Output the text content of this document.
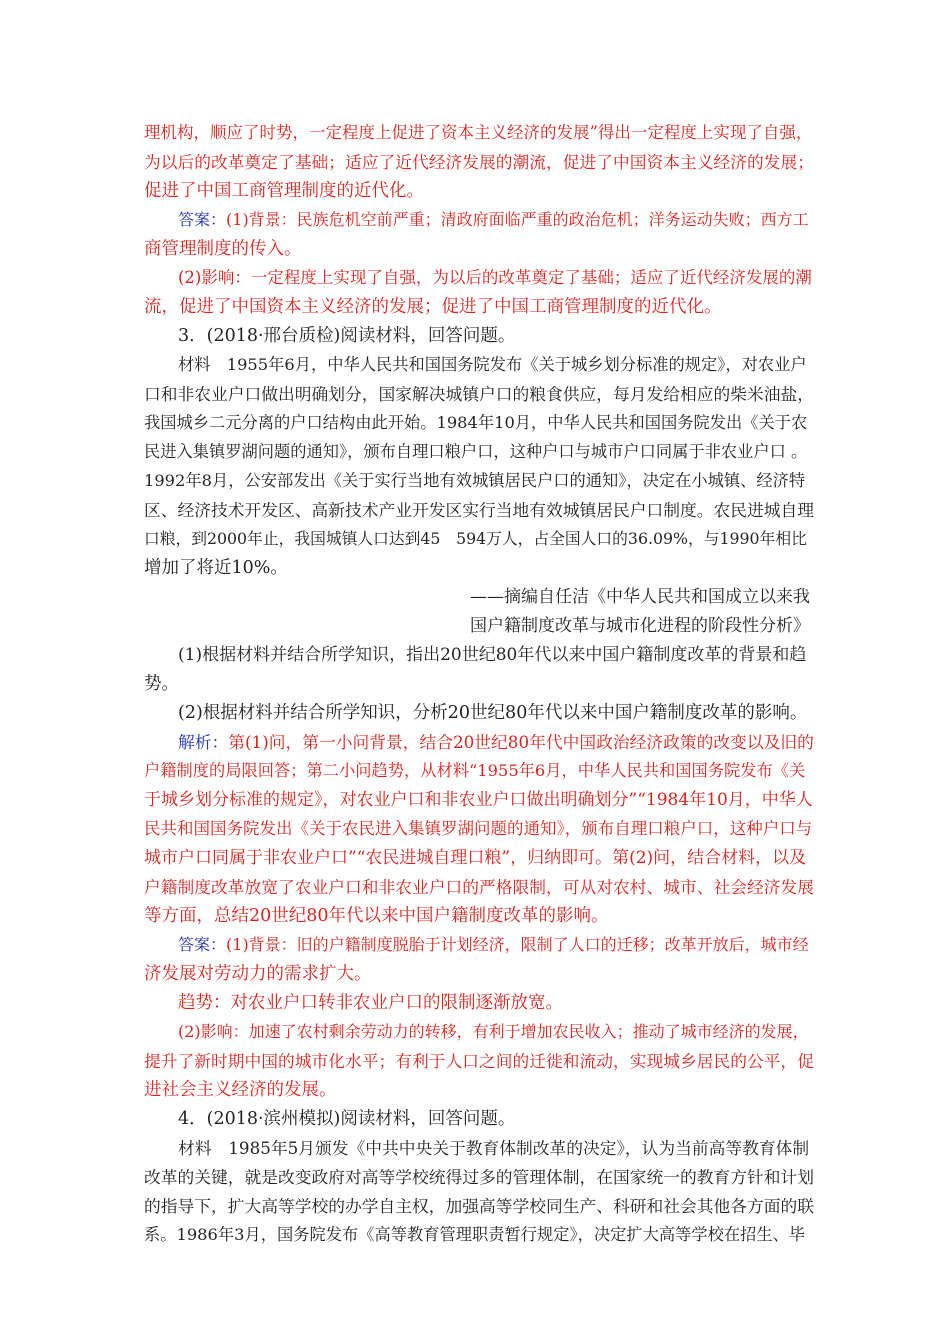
理机构，顺应了时势，一定程度上促进了资本主义经济的发展”得出一定程度上实现了自强，
为以后的改革奠定了基础；适应了近代经济发展的潮流，促进了中国资本主义经济的发展；
促进了中国工商管理制度的近代化。
答案：(1)背景：民族危机空前严重；清政府面临严重的政治危机；洋务运动失败；西方工
商管理制度的传入。
(2)影响：一定程度上实现了自强，为以后的改革奠定了基础；适应了近代经济发展的潮
流，促进了中国资本主义经济的发展；促进了中国工商管理制度的近代化。
3．(2018·邢台质检)阅读材料，回答问题。
材料　1955年6月，中华人民共和国国务院发布《关于城乡划分标准的规定》，对农业户
口和非农业户口做出明确划分，国家解决城镇户口的粮食供应，每月发给相应的柴米油盐，
我国城乡二元分离的户口结构由此开始。1984年10月，中华人民共和国国务院发出《关于农
民进入集镇罗湖问题的通知》，颁布自理口粮户口，这种户口与城市户口同属于非农业户口 。
1992年8月，公安部发出《关于实行当地有效城镇居民户口的通知》，决定在小城镇、经济特
区、经济技术开发区、高新技术产业开发区实行当地有效城镇居民户口制度。农民进城自理
口粮，到2000年止，我国城镇人口达到45　594万人，占全国人口的36.09%，与1990年相比
增加了将近10%。
——摘编自任洁《中华人民共和国成立以来我
国户籍制度改革与城市化进程的阶段性分析》
(1)根据材料并结合所学知识，指出20世纪80年代以来中国户籍制度改革的背景和趋
势。
(2)根据材料并结合所学知识，分析20世纪80年代以来中国户籍制度改革的影响。
解析：第(1)问，第一小问背景，结合20世纪80年代中国政治经济政策的改变以及旧的
户籍制度的局限回答；第二小问趋势，从材料“1955年6月，中华人民共和国国务院发布《关
于城乡划分标准的规定》，对农业户口和非农业户口做出明确划分”“1984年10月，中华人
民共和国国务院发出《关于农民进入集镇罗湖问题的通知》，颁布自理口粮户口，这种户口与
城市户口同属于非农业户口”“农民进城自理口粮”，归纳即可。第(2)问，结合材料，以及
户籍制度改革放宽了农业户口和非农业户口的严格限制，可从对农村、城市、社会经济发展
等方面，总结20世纪80年代以来中国户籍制度改革的影响。
答案：(1)背景：旧的户籍制度脱胎于计划经济，限制了人口的迁移；改革开放后，城市经
济发展对劳动力的需求扩大。
趋势：对农业户口转非农业户口的限制逐渐放宽。
(2)影响：加速了农村剩余劳动力的转移，有利于增加农民收入；推动了城市经济的发展，
提升了新时期中国的城市化水平；有利于人口之间的迁徙和流动，实现城乡居民的公平，促
进社会主义经济的发展。
4．(2018·滨州模拟)阅读材料，回答问题。
材料　1985年5月颁发《中共中央关于教育体制改革的决定》，认为当前高等教育体制
改革的关键，就是改变政府对高等学校统得过多的管理体制，在国家统一的教育方针和计划
的指导下，扩大高等学校的办学自主权，加强高等学校同生产、科研和社会其他各方面的联
系。1986年3月，国务院发布《高等教育管理职责暂行规定》，决定扩大高等学校在招生、毕
